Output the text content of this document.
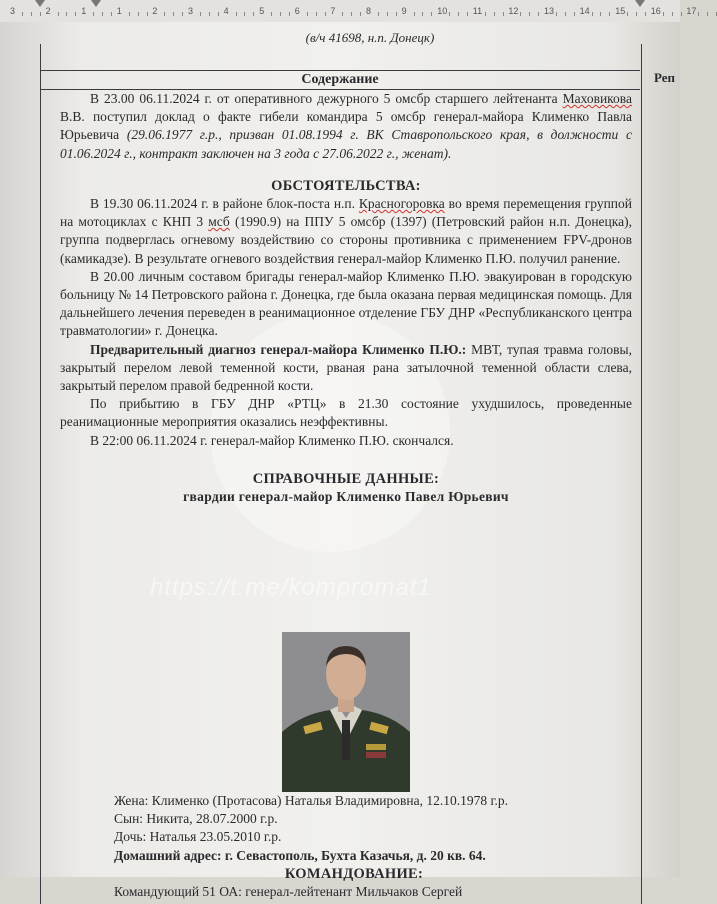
3	2	1	1	2	3	4	5	6	7	8	9	10	11	12	13	14	15	16	17
(в/ч 41698, н.п. Донецк)
Реп
Содержание

В 23.00 06.11.2024 г. от оперативного дежурного 5 омсбр старшего лейтенанта Маховикова В.В. поступил доклад о факте гибели командира 5 омсбр генерал-майора Клименко Павла Юрьевича (29.06.1977 г.р., призван 01.08.1994 г. ВК Ставропольского края, в должности с 01.06.2024 г., контракт заключен на 3 года с 27.06.2022 г., женат).

ОБСТОЯТЕЛЬСТВА:

В 19.30 06.11.2024 г. в районе блок-поста н.п. Красногоровка во время перемещения группой на мотоциклах с КНП 3 мсб (1990.9) на ППУ 5 омсбр (1397) (Петровский район н.п. Донецка), группа подверглась огневому воздействию со стороны противника с применением FPV-дронов (камикадзе). В результате огневого воздействия генерал-майор Клименко П.Ю. получил ранение.

В 20.00 личным составом бригады генерал-майор Клименко П.Ю. эвакуирован в городскую больницу № 14 Петровского района г. Донецка, где была оказана первая медицинская помощь. Для дальнейшего лечения переведен в реанимационное отделение ГБУ ДНР «Республиканского центра травматологии» г. Донецка.

Предварительный диагноз генерал-майора Клименко П.Ю.: МВТ, тупая травма головы, закрытый перелом левой теменной кости, рваная рана затылочной теменной области слева, закрытый перелом правой бедренной кости.

По прибытию в ГБУ ДНР «РТЦ» в 21.30 состояние ухудшилось, проведенные реанимационные мероприятия оказались неэффективны.

В 22:00 06.11.2024 г. генерал-майор Клименко П.Ю. скончался.

СПРАВОЧНЫЕ ДАННЫЕ:

гвардии генерал-майор Клименко Павел Юрьевич

https://t.me/kompromat1

Жена: Клименко (Протасова) Наталья Владимировна, 12.10.1978 г.р.

Сын: Никита, 28.07.2000 г.р.

Дочь: Наталья 23.05.2010 г.р.

Домашний адрес: г. Севастополь, Бухта Казачья, д. 20 кв. 64.

КОМАНДОВАНИЕ:

Командующий 51 ОА: генерал-лейтенант Мильчаков Сергей
